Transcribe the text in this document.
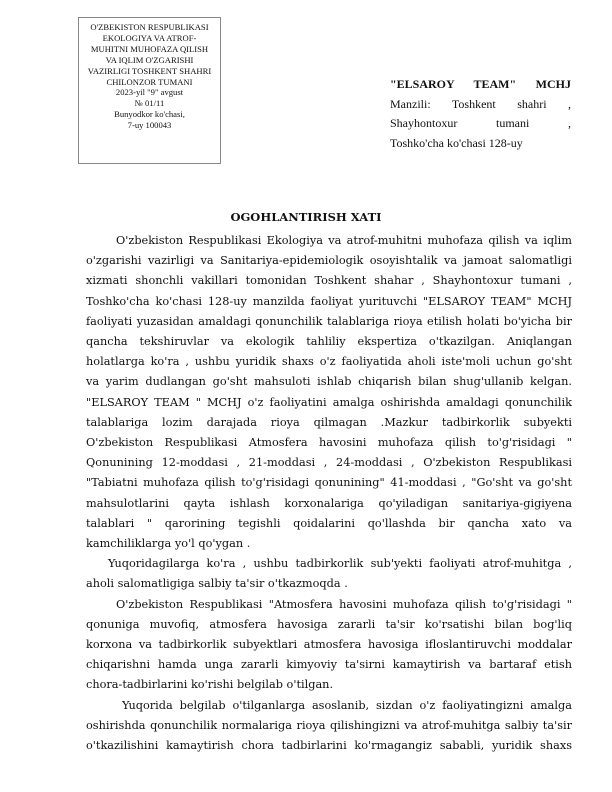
O'ZBEKISTON RESPUBLIKASI
EKOLOGIYA VA ATROF-
MUHITNI MUHOFAZA QILISH
VA IQLIM O'ZGARISHI
VAZIRLIGI TOSHKENT SHAHRI
CHILONZOR TUMANI
2023-yil "9" avgust
№ 01/11
Bunyodkor ko'chasi,
7-uy 100043
"ELSAROY TEAM" MCHJ
Manzili: Toshkent shahri ,
Shayhontoxur tumani ,
Toshko'cha ko'chasi 128-uy
OGOHLANTIRISH XATI
O'zbekiston Respublikasi Ekologiya va atrof-muhitni muhofaza qilish va iqlim
o'zgarishi vazirligi va Sanitariya-epidemiologik osoyishtalik va jamoat salomatligi
xizmati shonchli vakillari tomonidan Toshkent shahar , Shayhontoxur tumani ,
Toshko'cha ko'chasi 128-uy manzilda faoliyat yurituvchi "ELSAROY TEAM" MCHJ
faoliyati yuzasidan amaldagi qonunchilik talablariga rioya etilish holati bo'yicha bir
qancha tekshiruvlar va ekologik tahliliy ekspertiza o'tkazilgan. Aniqlangan
holatlarga ko'ra , ushbu yuridik shaxs o'z faoliyatida aholi iste'moli uchun go'sht
va yarim dudlangan go'sht mahsuloti ishlab chiqarish bilan shug'ullanib kelgan.
"ELSAROY TEAM " MCHJ o'z faoliyatini amalga oshirishda amaldagi qonunchilik
talablariga lozim darajada rioya qilmagan .Mazkur tadbirkorlik subyekti
O'zbekiston Respublikasi Atmosfera havosini muhofaza qilish to'g'risidagi "
Qonunining 12-moddasi , 21-moddasi , 24-moddasi , O'zbekiston Respublikasi
"Tabiatni muhofaza qilish to'g'risidagi qonunining" 41-moddasi , "Go'sht va go'sht
mahsulotlarini qayta ishlash korxonalariga qo'yiladigan sanitariya-gigiyena
talablari " qarorining tegishli qoidalarini qo'llashda bir qancha xato va
kamchiliklarga yo'l qo'ygan .
Yuqoridagilarga ko'ra , ushbu tadbirkorlik sub'yekti faoliyati atrof-muhitga ,
aholi salomatligiga salbiy ta'sir o'tkazmoqda .
O'zbekiston Respublikasi "Atmosfera havosini muhofaza qilish to'g'risidagi "
qonuniga muvofiq, atmosfera havosiga zararli ta'sir ko'rsatishi bilan bog'liq
korxona va tadbirkorlik subyektlari atmosfera havosiga ifloslantiruvchi moddalar
chiqarishni hamda unga zararli kimyoviy ta'sirni kamaytirish va bartaraf etish
chora-tadbirlarini ko'rishi belgilab o'tilgan.
Yuqorida belgilab o'tilganlarga asoslanib, sizdan o'z faoliyatingizni amalga
oshirishda qonunchilik normalariga rioya qilishingizni va atrof-muhitga salbiy ta'sir
o'tkazilishini kamaytirish chora tadbirlarini ko'rmagangiz sababli, yuridik shaxs
